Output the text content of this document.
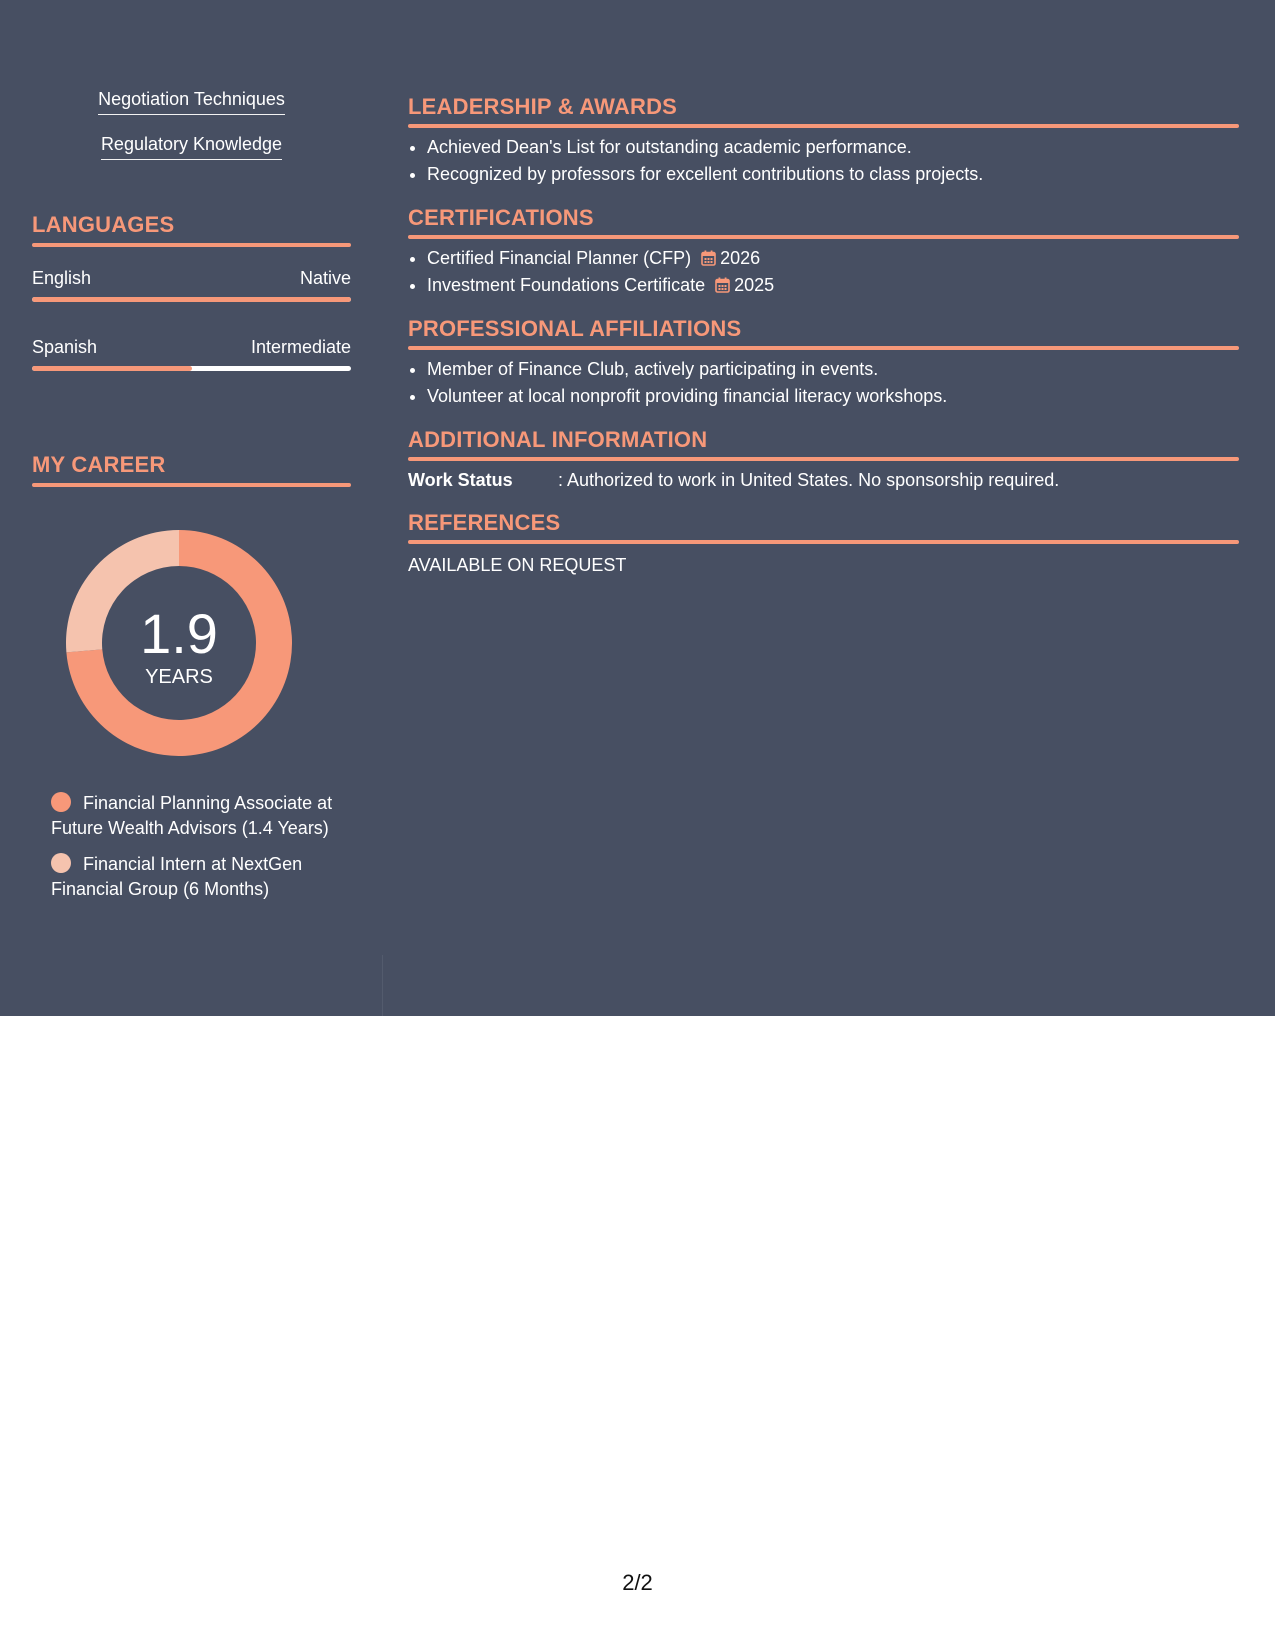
Negotiation Techniques
Regulatory Knowledge
LANGUAGES
English	Native
Spanish	Intermediate
MY CAREER
1.9
YEARS
Financial Planning Associate at Future Wealth Advisors (1.4 Years)
Financial Intern at NextGen Financial Group (6 Months)
LEADERSHIP & AWARDS
• Achieved Dean's List for outstanding academic performance.
• Recognized by professors for excellent contributions to class projects.
CERTIFICATIONS
• Certified Financial Planner (CFP) 2026
• Investment Foundations Certificate 2025
PROFESSIONAL AFFILIATIONS
• Member of Finance Club, actively participating in events.
• Volunteer at local nonprofit providing financial literacy workshops.
ADDITIONAL INFORMATION
Work Status	: Authorized to work in United States. No sponsorship required.
REFERENCES
AVAILABLE ON REQUEST
2/2
